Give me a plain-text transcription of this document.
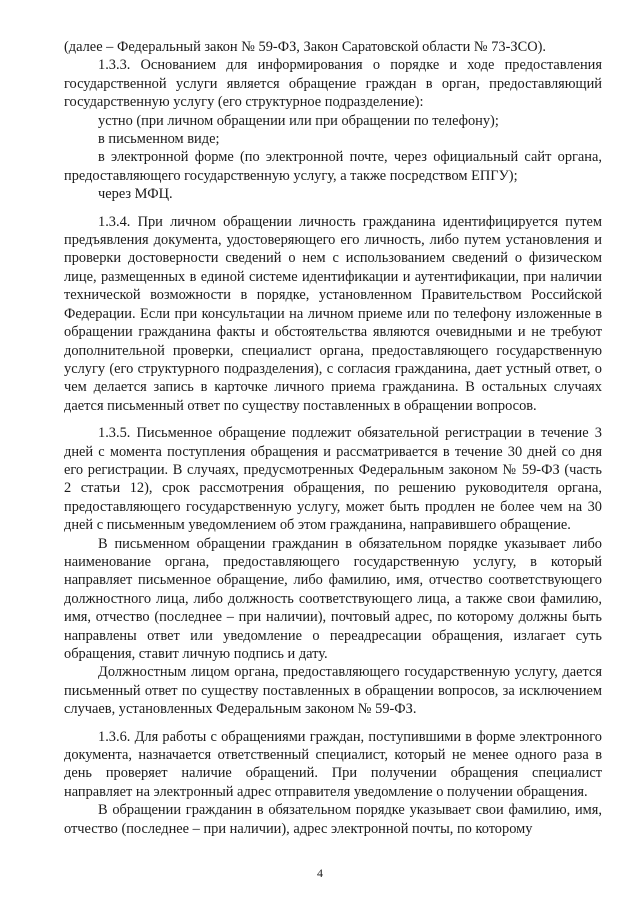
(далее – Федеральный закон № 59-ФЗ, Закон Саратовской области № 73-ЗСО).

1.3.3. Основанием для информирования о порядке и ходе предоставления государственной услуги является обращение граждан в орган, предоставляющий государственную услугу (его структурное подразделение):

устно (при личном обращении или при обращении по телефону);

в письменном виде;

в электронной форме (по электронной почте, через официальный сайт органа, предоставляющего государственную услугу, а также посредством ЕПГУ);

через МФЦ.

1.3.4. При личном обращении личность гражданина идентифицируется путем предъявления документа, удостоверяющего его личность, либо путем установления и проверки достоверности сведений о нем с использованием сведений о физическом лице, размещенных в единой системе идентификации и аутентификации, при наличии технической возможности в порядке, установленном Правительством Российской Федерации. Если при консультации на личном приеме или по телефону изложенные в обращении гражданина факты и обстоятельства являются очевидными и не требуют дополнительной проверки, специалист органа, предоставляющего государственную услугу (его структурного подразделения), с согласия гражданина, дает устный ответ, о чем делается запись в карточке личного приема гражданина. В остальных случаях дается письменный ответ по существу поставленных в обращении вопросов.

1.3.5. Письменное обращение подлежит обязательной регистрации в течение 3 дней с момента поступления обращения и рассматривается в течение 30 дней со дня его регистрации. В случаях, предусмотренных Федеральным законом № 59-ФЗ (часть 2 статьи 12), срок рассмотрения обращения, по решению руководителя органа, предоставляющего государственную услугу, может быть продлен не более чем на 30 дней с письменным уведомлением об этом гражданина, направившего обращение.

В письменном обращении гражданин в обязательном порядке указывает либо наименование органа, предоставляющего государственную услугу, в который направляет письменное обращение, либо фамилию, имя, отчество соответствующего должностного лица, либо должность соответствующего лица, а также свои фамилию, имя, отчество (последнее – при наличии), почтовый адрес, по которому должны быть направлены ответ или уведомление о переадресации обращения, излагает суть обращения, ставит личную подпись и дату.

Должностным лицом органа, предоставляющего государственную услугу, дается письменный ответ по существу поставленных в обращении вопросов, за исключением случаев, установленных Федеральным законом № 59-ФЗ.

1.3.6. Для работы с обращениями граждан, поступившими в форме электронного документа, назначается ответственный специалист, который не менее одного раза в день проверяет наличие обращений. При получении обращения специалист направляет на электронный адрес отправителя уведомление о получении обращения.

В обращении гражданин в обязательном порядке указывает свои фамилию, имя, отчество (последнее – при наличии), адрес электронной почты, по которому

4
